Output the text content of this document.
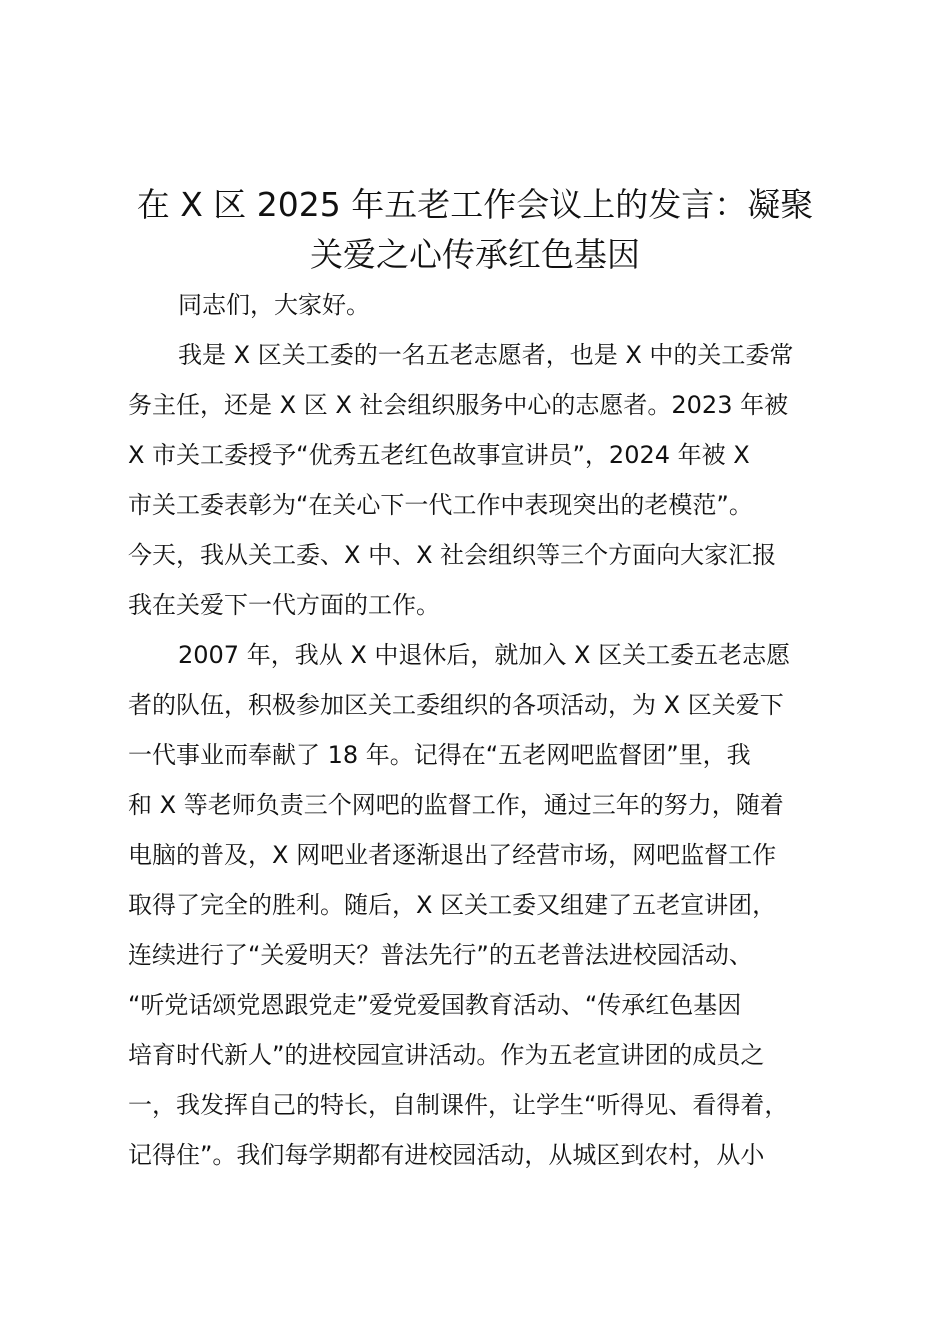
在 X 区 2025 年五老工作会议上的发言：凝聚
关爱之心传承红色基因
同志们，大家好。
我是 X 区关工委的一名五老志愿者，也是 X 中的关工委常
务主任，还是 X 区 X 社会组织服务中心的志愿者。2023 年被
X 市关工委授予“优秀五老红色故事宣讲员”，2024 年被 X
市关工委表彰为“在关心下一代工作中表现突出的老模范”。
今天，我从关工委、X 中、X 社会组织等三个方面向大家汇报
我在关爱下一代方面的工作。
2007 年，我从 X 中退休后，就加入 X 区关工委五老志愿
者的队伍，积极参加区关工委组织的各项活动，为 X 区关爱下
一代事业而奉献了 18 年。记得在“五老网吧监督团”里，我
和 X 等老师负责三个网吧的监督工作，通过三年的努力，随着
电脑的普及，X 网吧业者逐渐退出了经营市场，网吧监督工作
取得了完全的胜利。随后，X 区关工委又组建了五老宣讲团，
连续进行了“关爱明天？普法先行”的五老普法进校园活动、
“听党话颂党恩跟党走”爱党爱国教育活动、“传承红色基因
培育时代新人”的进校园宣讲活动。作为五老宣讲团的成员之
一，我发挥自己的特长，自制课件，让学生“听得见、看得着，
记得住”。我们每学期都有进校园活动，从城区到农村，从小
